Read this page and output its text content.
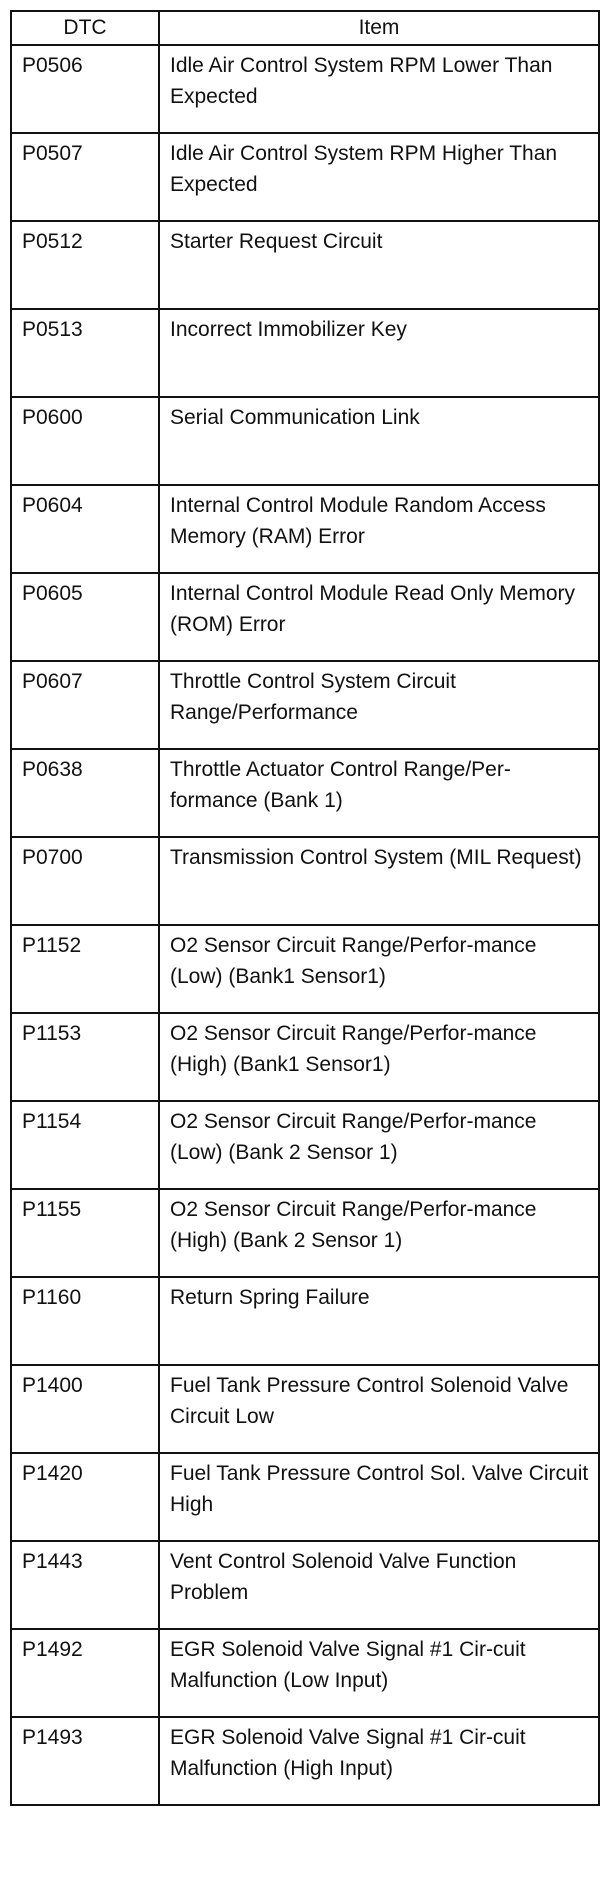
DTC	Item
P0506	Idle Air Control System RPM Lower Than Expected
P0507	Idle Air Control System RPM Higher Than Expected
P0512	Starter Request Circuit
P0513	Incorrect Immobilizer Key
P0600	Serial Communication Link
P0604	Internal Control Module Random Access Memory (RAM) Error
P0605	Internal Control Module Read Only Memory (ROM) Error
P0607	Throttle Control System Circuit Range/Performance
P0638	Throttle Actuator Control Range/Per-formance (Bank 1)
P0700	Transmission Control System (MIL Request)
P1152	O2 Sensor Circuit Range/Perfor-mance (Low) (Bank1 Sensor1)
P1153	O2 Sensor Circuit Range/Perfor-mance (High) (Bank1 Sensor1)
P1154	O2 Sensor Circuit Range/Perfor-mance (Low) (Bank 2 Sensor 1)
P1155	O2 Sensor Circuit Range/Perfor-mance (High) (Bank 2 Sensor 1)
P1160	Return Spring Failure
P1400	Fuel Tank Pressure Control Solenoid Valve Circuit Low
P1420	Fuel Tank Pressure Control Sol. Valve Circuit High
P1443	Vent Control Solenoid Valve Function Problem
P1492	EGR Solenoid Valve Signal #1 Cir-cuit Malfunction (Low Input)
P1493	EGR Solenoid Valve Signal #1 Cir-cuit Malfunction (High Input)
